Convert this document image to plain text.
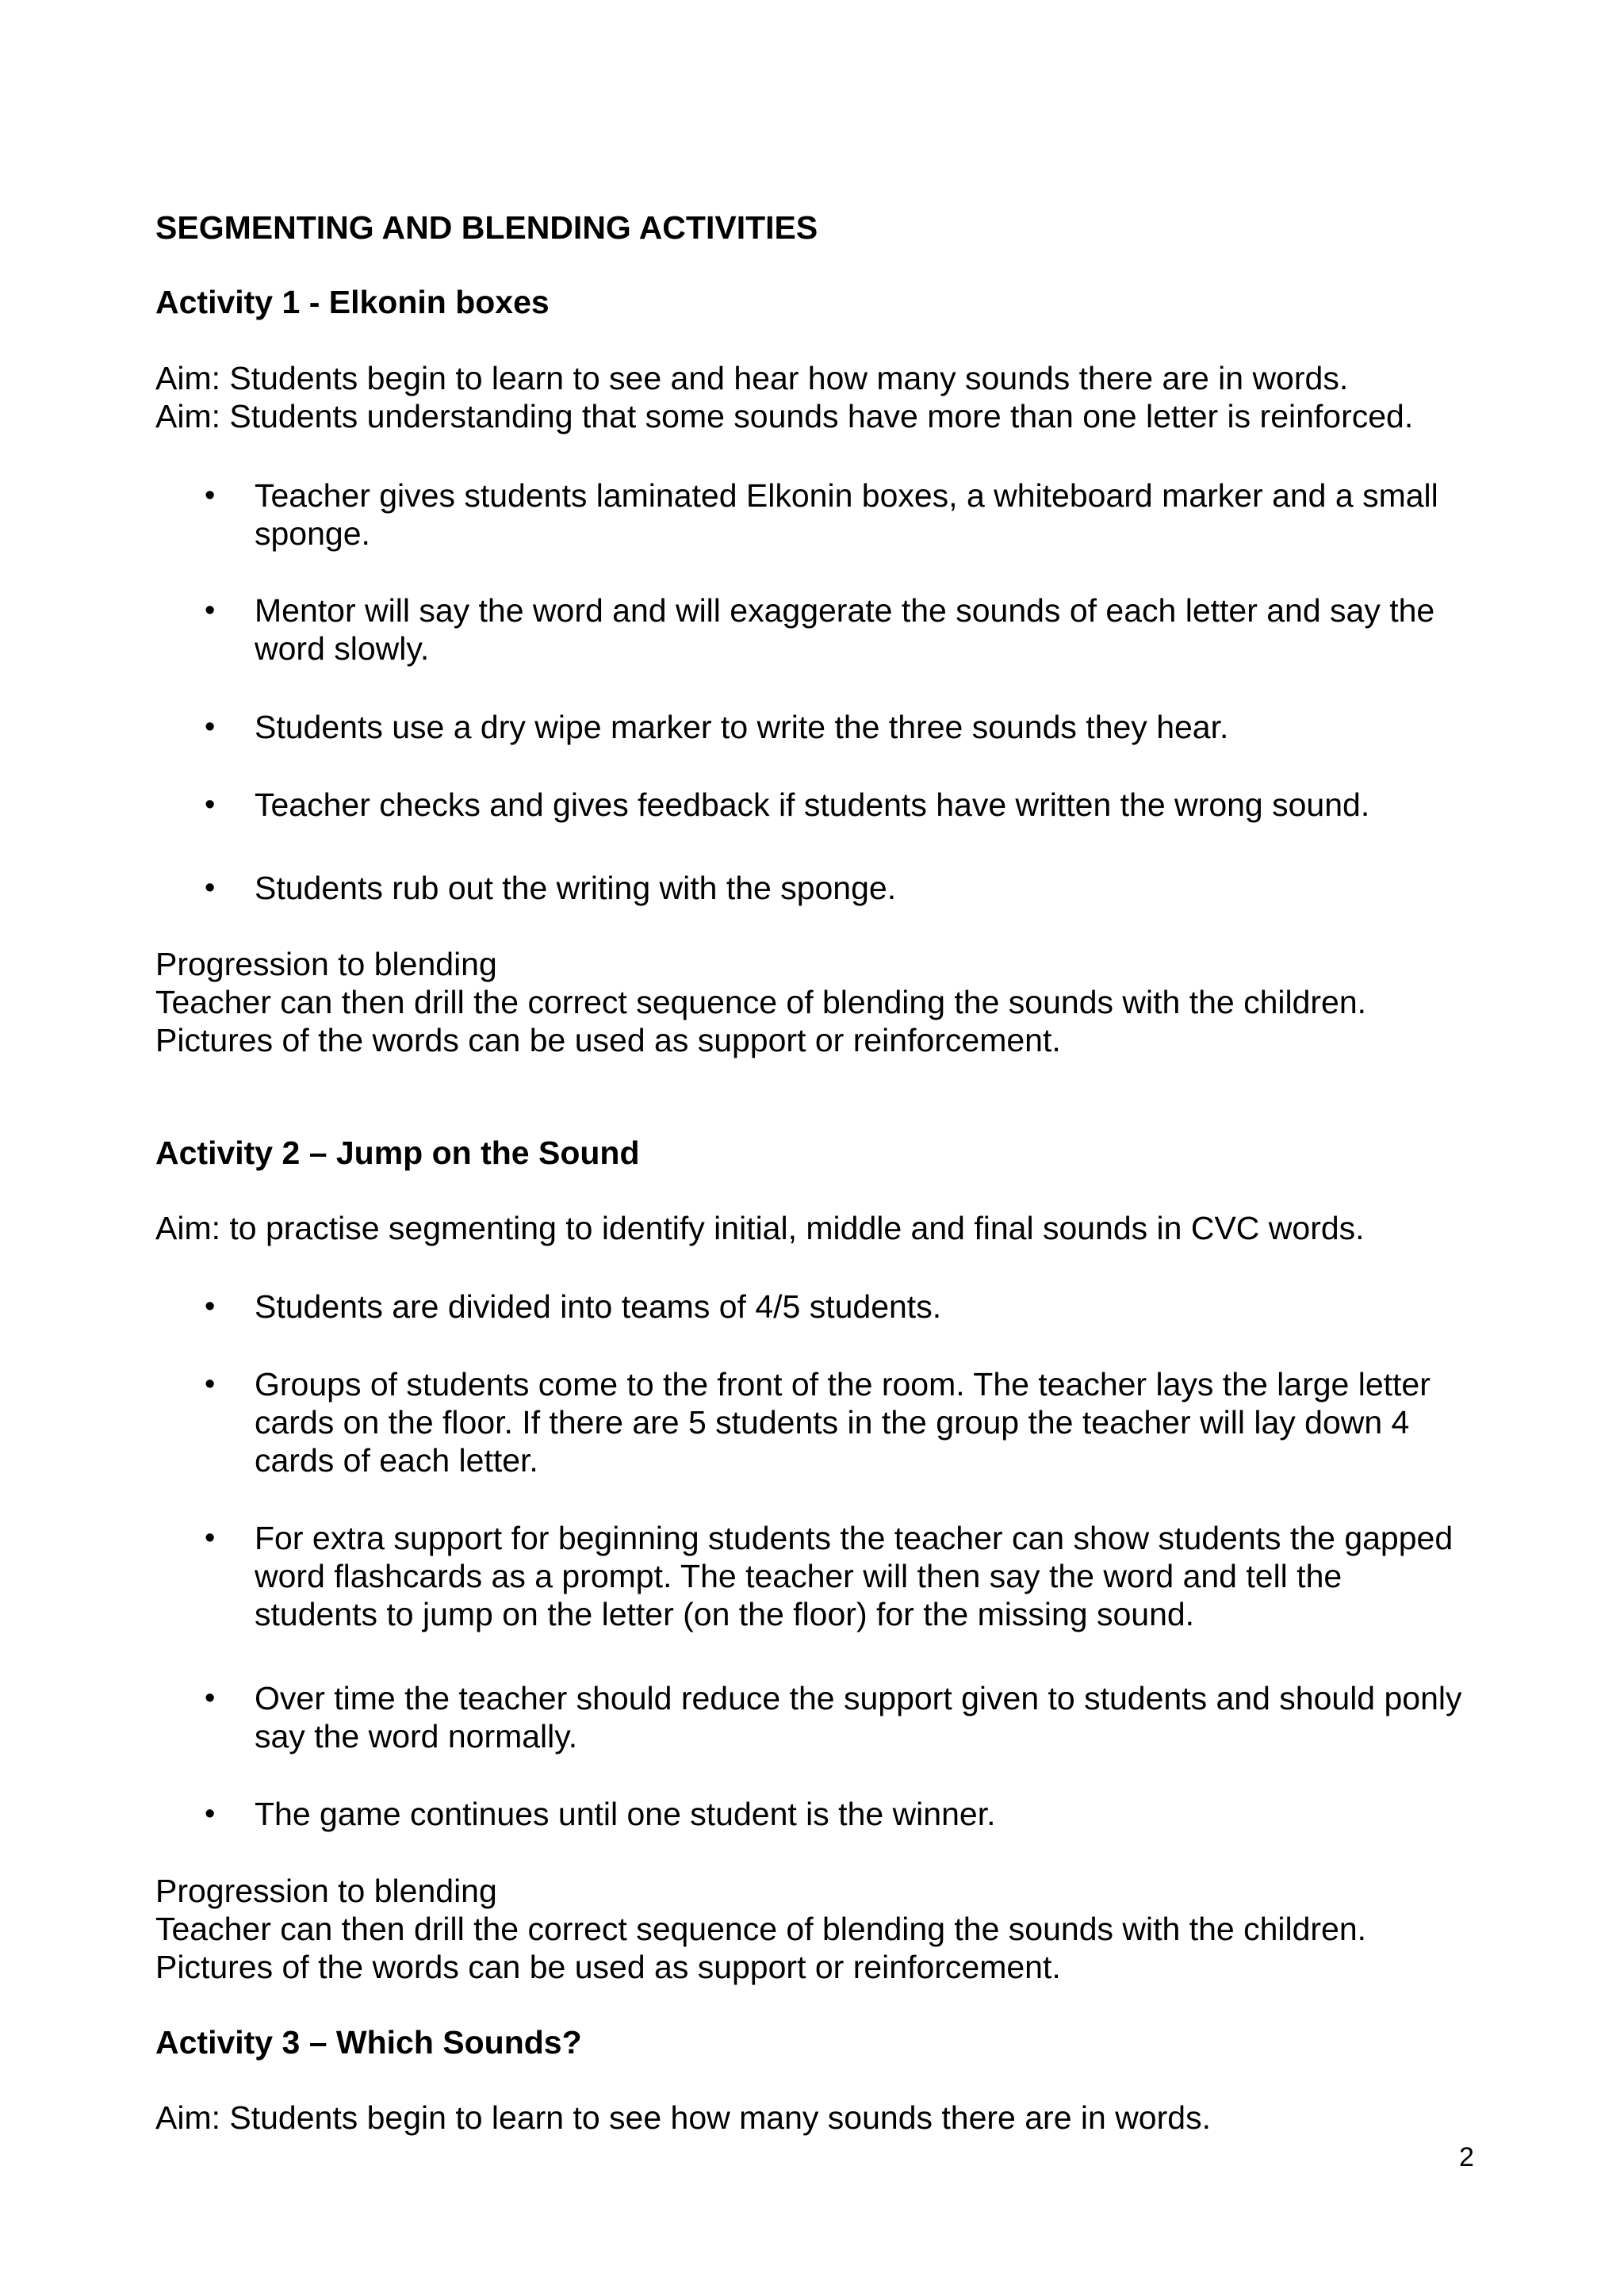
SEGMENTING AND BLENDING ACTIVITIES

Activity 1 - Elkonin boxes

Aim: Students begin to learn to see and hear how many sounds there are in words.

Aim: Students understanding that some sounds have more than one letter is reinforced.

• Teacher gives students laminated Elkonin boxes, a whiteboard marker and a small

sponge.

• Mentor will say the word and will exaggerate the sounds of each letter and say the

word slowly.

• Students use a dry wipe marker to write the three sounds they hear.

• Teacher checks and gives feedback if students have written the wrong sound.

• Students rub out the writing with the sponge.

Progression to blending

Teacher can then drill the correct sequence of blending the sounds with the children.

Pictures of the words can be used as support or reinforcement.

Activity 2 – Jump on the Sound

Aim: to practise segmenting to identify initial, middle and final sounds in CVC words.

• Students are divided into teams of 4/5 students.

• Groups of students come to the front of the room. The teacher lays the large letter

cards on the floor. If there are 5 students in the group the teacher will lay down 4

cards of each letter.

• For extra support for beginning students the teacher can show students the gapped

word flashcards as a prompt. The teacher will then say the word and tell the

students to jump on the letter (on the floor) for the missing sound.

• Over time the teacher should reduce the support given to students and should ponly

say the word normally.

• The game continues until one student is the winner.

Progression to blending

Teacher can then drill the correct sequence of blending the sounds with the children.

Pictures of the words can be used as support or reinforcement.

Activity 3 – Which Sounds?

Aim: Students begin to learn to see how many sounds there are in words.

2
